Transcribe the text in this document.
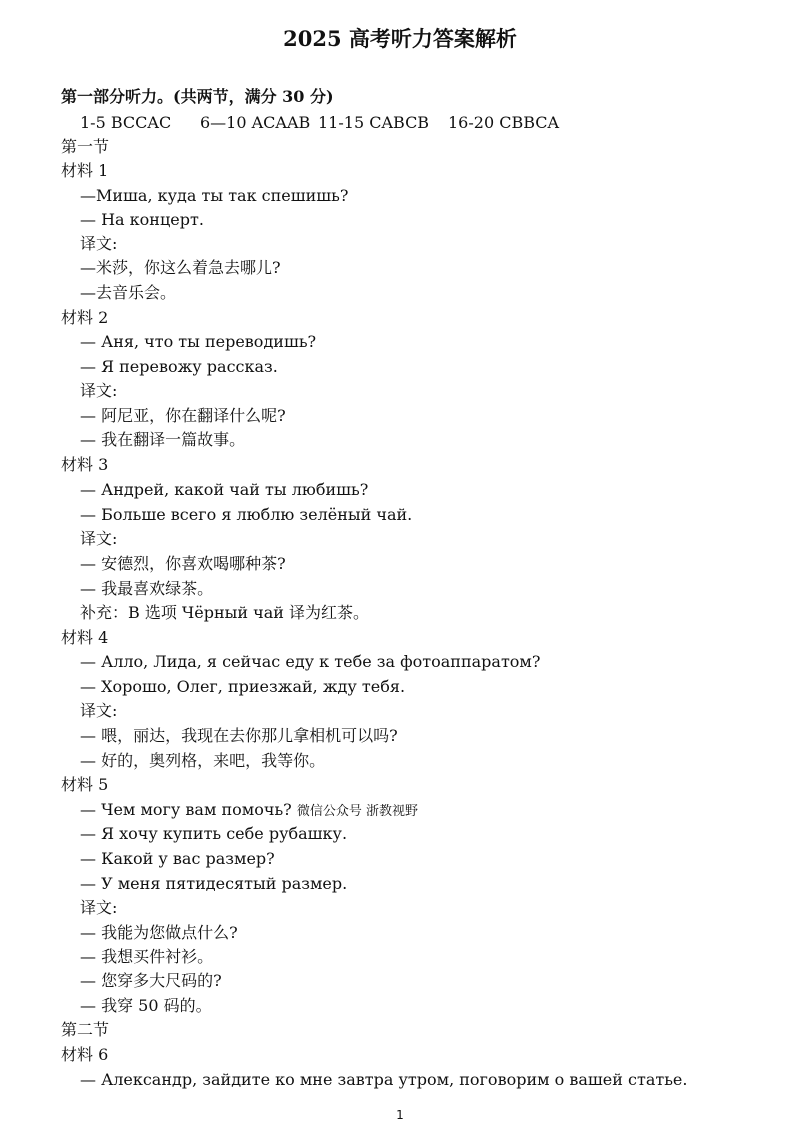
2025 高考听力答案解析
第一部分听力。(共两节，满分 30 分)
1-5 BCCAC 6—10 ACAAB 11-15 CABCB 16-20 CBBCA
第一节
材料 1
—Миша, куда ты так спешишь?
— На концерт.
译文:
—米莎，你这么着急去哪儿?
—去音乐会。
材料 2
— Аня, что ты переводишь?
— Я перевожу рассказ.
译文:
— 阿尼亚，你在翻译什么呢?
— 我在翻译一篇故事。
材料 3
— Андрей, какой чай ты любишь?
— Больше всего я люблю зелёный чай.
译文:
— 安德烈，你喜欢喝哪种茶?
— 我最喜欢绿茶。
补充：В 选项 Чёрный чай 译为红茶。
材料 4
— Алло, Лида, я сейчас еду к тебе за фотоаппаратом?
— Хорошо, Олег, приезжай, жду тебя.
译文:
— 喂，丽达，我现在去你那儿拿相机可以吗?
— 好的，奥列格，来吧，我等你。
材料 5
— Чем могу вам помочь? 微信公众号 浙教视野
— Я хочу купить себе рубашку.
— Какой у вас размер?
— У меня пятидесятый размер.
译文:
— 我能为您做点什么?
— 我想买件衬衫。
— 您穿多大尺码的?
— 我穿 50 码的。
第二节
材料 6
— Александр, зайдите ко мне завтра утром, поговорим о вашей статье.
1
